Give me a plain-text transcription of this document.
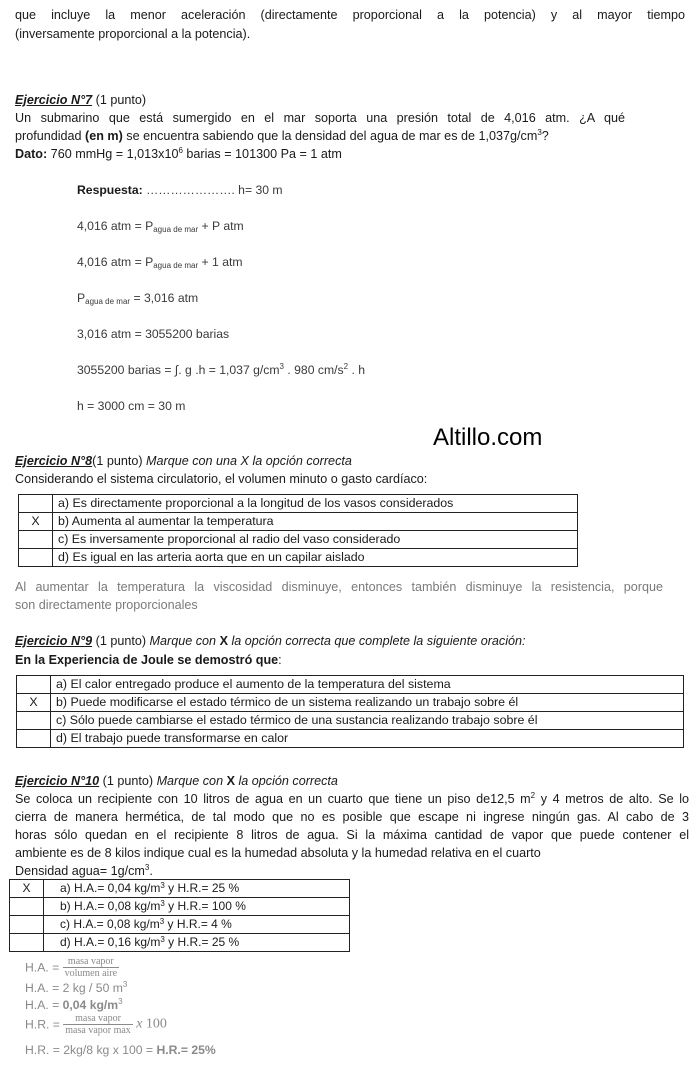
que incluye la menor aceleración (directamente proporcional a la potencia) y al mayor tiempo
(inversamente proporcional a la potencia).
Ejercicio N°7 (1 punto)
Un submarino que está sumergido en el mar soporta una presión total de 4,016 atm. ¿A qué
profundidad (en m) se encuentra sabiendo que la densidad del agua de mar es de $1,037g/cm^3$?
Dato: 760 mmHg = $1,013x10^6$ barias = 101300 Pa = 1 atm
Respuesta: …………………. h= 30 m
4,016 atm = $P_{agua de mar} + P$ atm
4,016 atm = $P_{agua de mar} + 1$ atm
$P_{agua de mar} = 3,016$ atm
3,016 atm = 3055200 barias
3055200 barias = ∫. g .h = 1,037 $g/cm^3$ . 980 $cm/s^2$ . h
h = 3000 cm = 30 m
Altillo.com
Ejercicio N°8(1 punto) Marque con una X la opción correcta
Considerando el sistema circulatorio, el volumen minuto o gasto cardíaco:
	a) Es directamente proporcional a la longitud de los vasos considerados
X	b) Aumenta al aumentar la temperatura
	c) Es inversamente proporcional al radio del vaso considerado
	d) Es igual en las arteria aorta que en un capilar aislado
Al aumentar la temperatura la viscosidad disminuye, entonces también disminuye la resistencia, porque
son directamente proporcionales
Ejercicio N°9 (1 punto) Marque con X la opción correcta que complete la siguiente oración:
En la Experiencia de Joule se demostró que:
	a) El calor entregado produce el aumento de la temperatura del sistema
X	b) Puede modificarse el estado térmico de un sistema realizando un trabajo sobre él
	c) Sólo puede cambiarse el estado térmico de una sustancia realizando trabajo sobre él
	d) El trabajo puede transformarse en calor
Ejercicio N°10 (1 punto) Marque con X la opción correcta
Se coloca un recipiente con 10 litros de agua en un cuarto que tiene un piso de12,5 $m^2$ y 4 metros de alto. Se lo
cierra de manera hermética, de tal modo que no es posible que escape ni ingrese ningún gas. Al cabo de 3
horas sólo quedan en el recipiente 8 litros de agua. Si la máxima cantidad de vapor que puede contener el
ambiente es de 8 kilos indique cual es la humedad absoluta y la humedad relativa en el cuarto
Densidad agua= $1g/cm^3$.
X	a) H.A.= 0,04 $kg/m^3$ y H.R.= 25 %
	b) H.A.= 0,08 $kg/m^3$ y H.R.= 100 %
	c) H.A.= 0,08 $kg/m^3$ y H.R.= 4 %
	d) H.A.= 0,16 $kg/m^3$ y H.R.= 25 %
H.A. = $\frac{\text{masa vapor}}{\text{volumen aire}}$
H.A. = 2 kg / 50 $m^3$
H.A. = 0,04 $kg/m^3$
H.R. = $\frac{\text{masa vapor}}{\text{masa vapor max}}$ x 100
H.R. = 2kg/8 kg x 100 = H.R.= 25%
